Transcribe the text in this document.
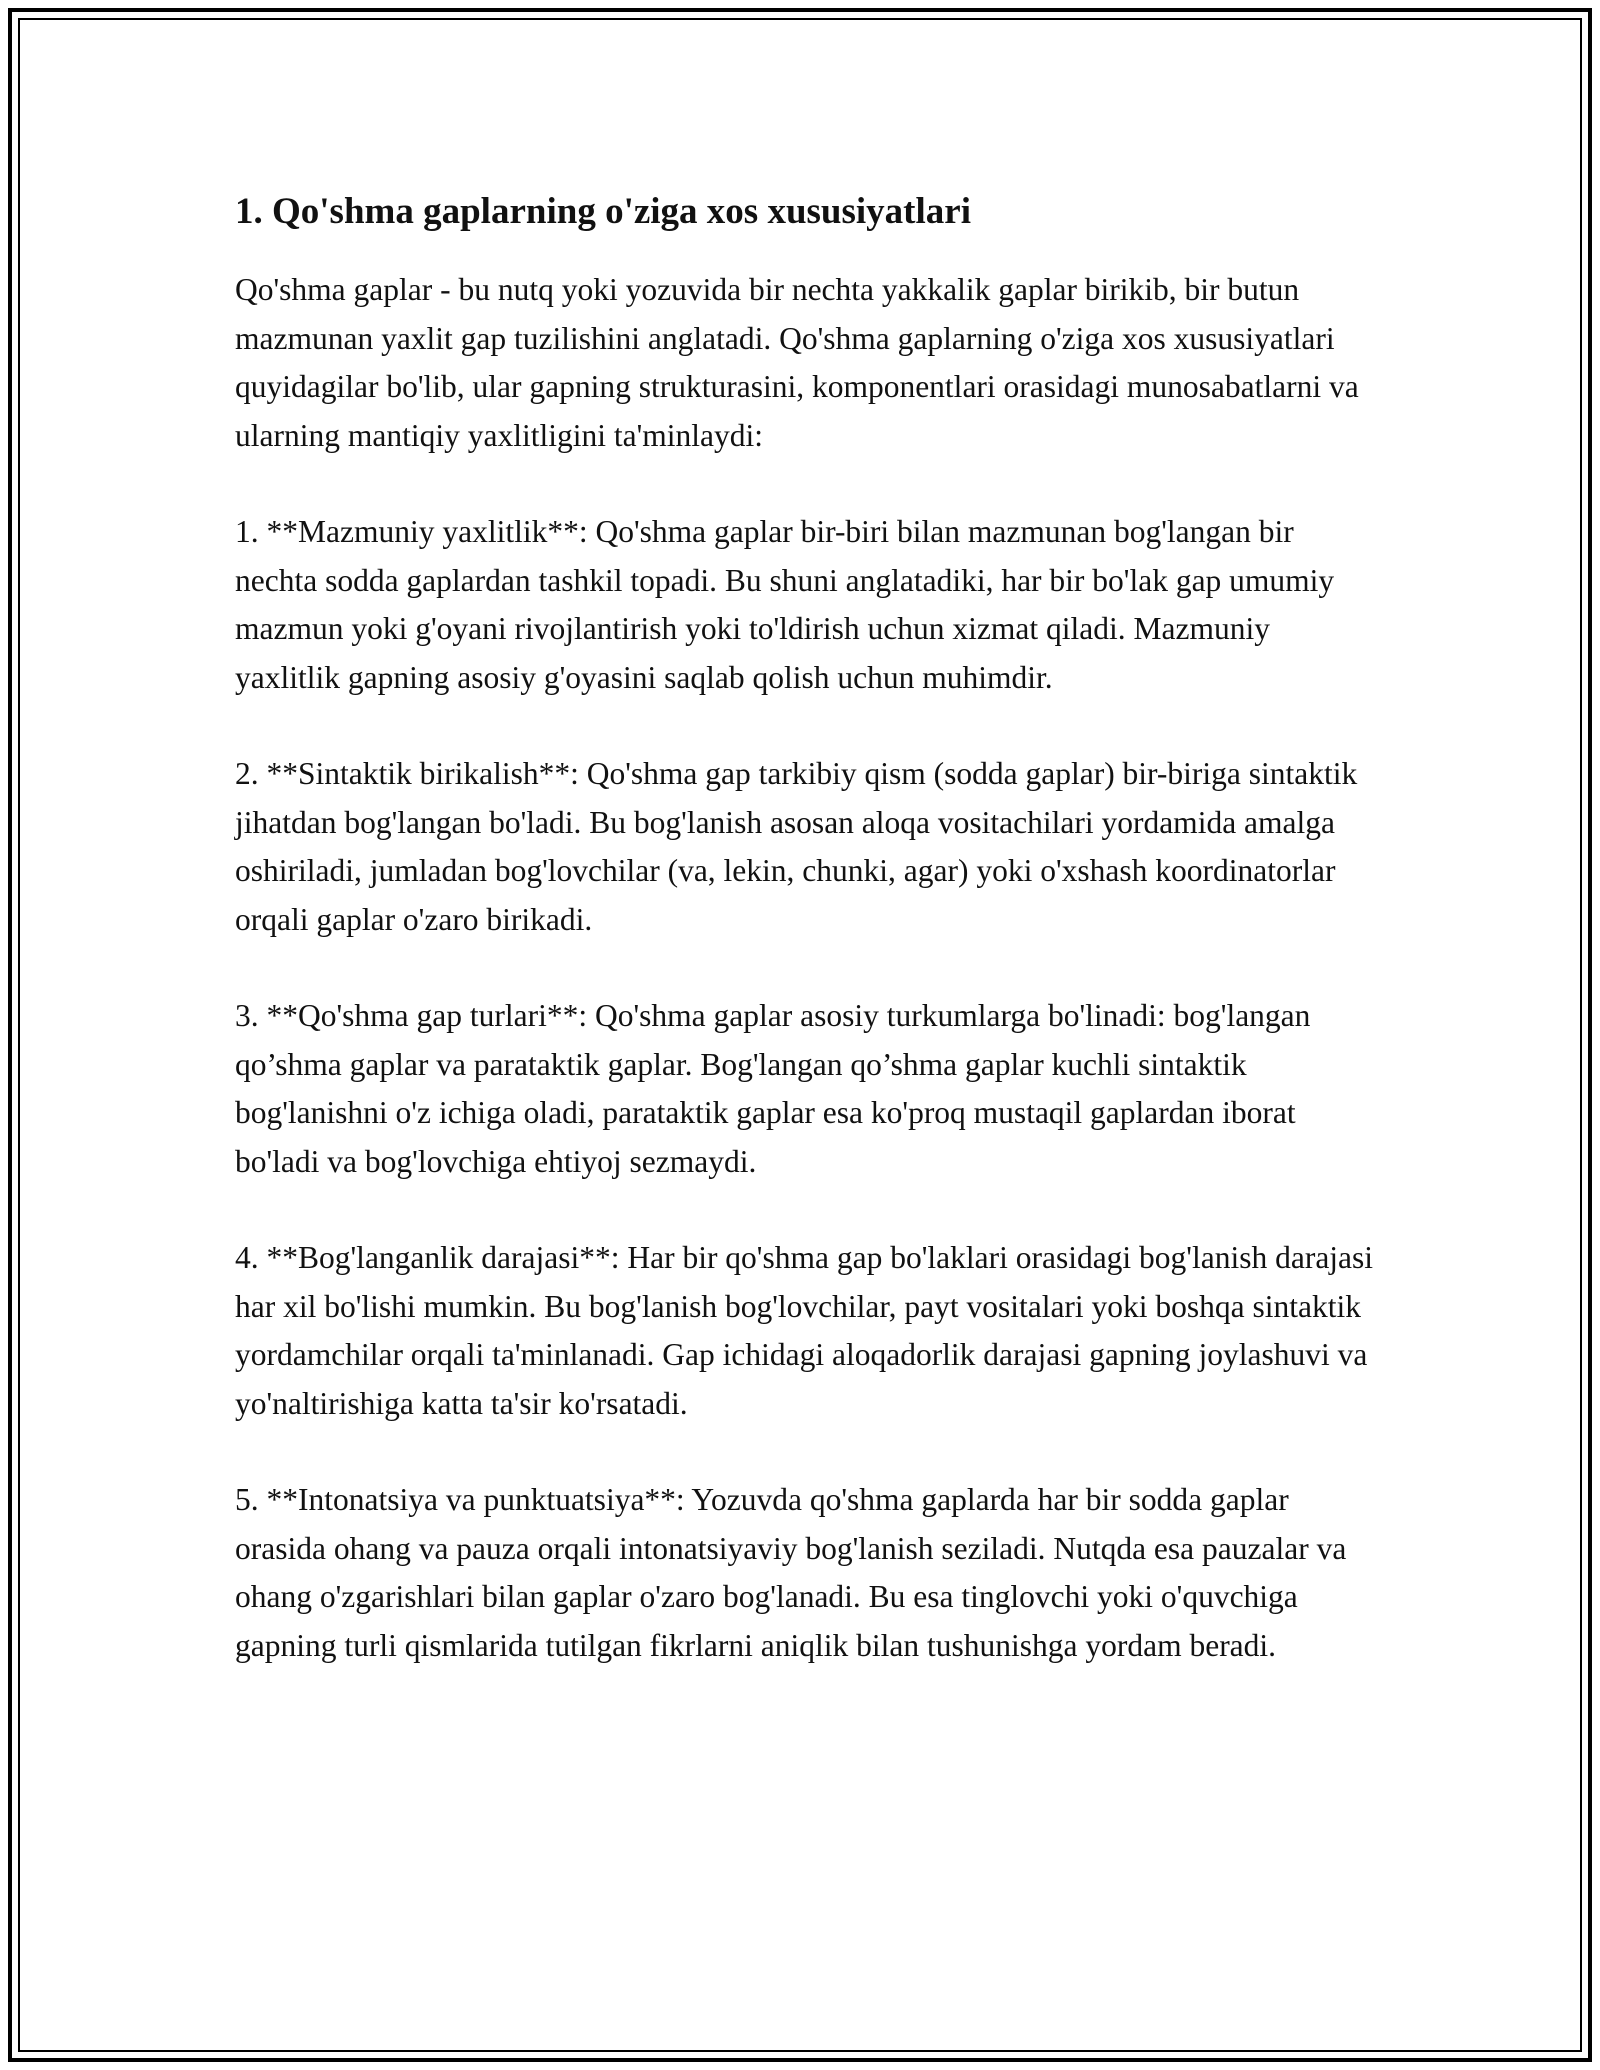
1. Qo'shma gaplarning o'ziga xos xususiyatlari

Qo'shma gaplar - bu nutq yoki yozuvida bir nechta yakkalik gaplar birikib, bir butun mazmunan yaxlit gap tuzilishini anglatadi. Qo'shma gaplarning o'ziga xos xususiyatlari quyidagilar bo'lib, ular gapning strukturasini, komponentlari orasidagi munosabatlarni va ularning mantiqiy yaxlitligini ta'minlaydi:

1. **Mazmuniy yaxlitlik**: Qo'shma gaplar bir-biri bilan mazmunan bog'langan bir nechta sodda gaplardan tashkil topadi. Bu shuni anglatadiki, har bir bo'lak gap umumiy mazmun yoki g'oyani rivojlantirish yoki to'ldirish uchun xizmat qiladi. Mazmuniy yaxlitlik gapning asosiy g'oyasini saqlab qolish uchun muhimdir.

2. **Sintaktik birikalish**: Qo'shma gap tarkibiy qism (sodda gaplar) bir-biriga sintaktik jihatdan bog'langan bo'ladi. Bu bog'lanish asosan aloqa vositachilari yordamida amalga oshiriladi, jumladan bog'lovchilar (va, lekin, chunki, agar) yoki o'xshash koordinatorlar orqali gaplar o'zaro birikadi.

3. **Qo'shma gap turlari**: Qo'shma gaplar asosiy turkumlarga bo'linadi: bog'langan qo’shma gaplar va parataktik gaplar. Bog'langan qo’shma gaplar kuchli sintaktik bog'lanishni o'z ichiga oladi, parataktik gaplar esa ko'proq mustaqil gaplardan iborat bo'ladi va bog'lovchiga ehtiyoj sezmaydi.

4. **Bog'langanlik darajasi**: Har bir qo'shma gap bo'laklari orasidagi bog'lanish darajasi har xil bo'lishi mumkin. Bu bog'lanish bog'lovchilar, payt vositalari yoki boshqa sintaktik yordamchilar orqali ta'minlanadi. Gap ichidagi aloqadorlik darajasi gapning joylashuvi va yo'naltirishiga katta ta'sir ko'rsatadi.

5. **Intonatsiya va punktuatsiya**: Yozuvda qo'shma gaplarda har bir sodda gaplar orasida ohang va pauza orqali intonatsiyaviy bog'lanish seziladi. Nutqda esa pauzalar va ohang o'zgarishlari bilan gaplar o'zaro bog'lanadi. Bu esa tinglovchi yoki o'quvchiga gapning turli qismlarida tutilgan fikrlarni aniqlik bilan tushunishga yordam beradi.
